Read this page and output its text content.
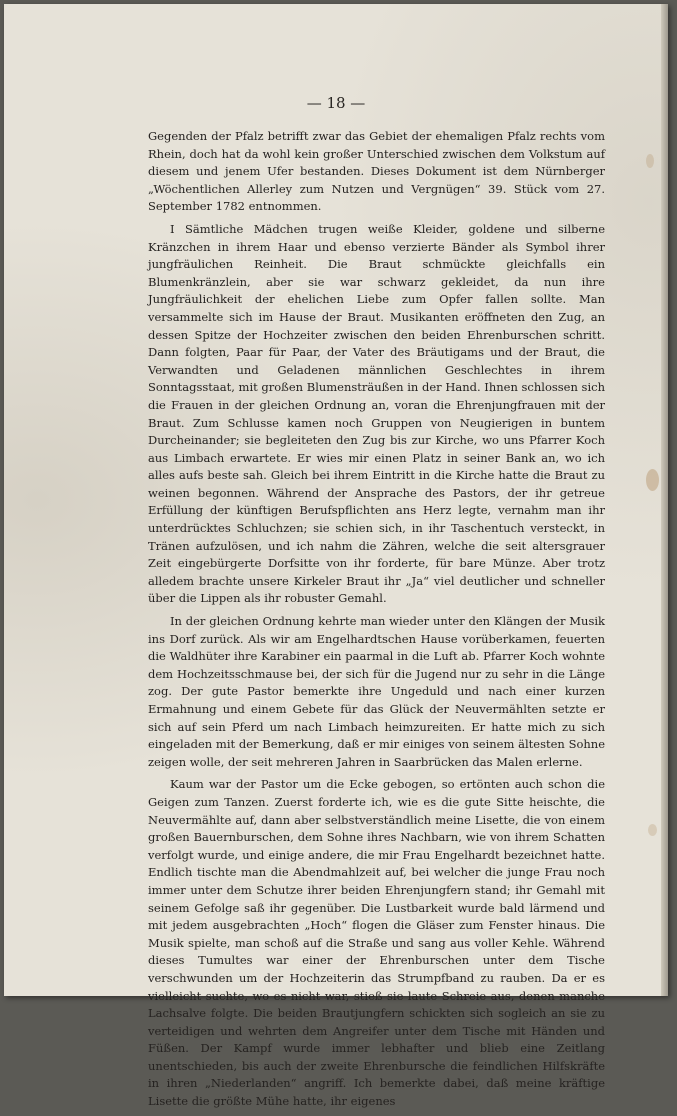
— 18 —

Gegenden der Pfalz betrifft zwar das Gebiet der ehemaligen Pfalz rechts vom Rhein, doch hat da wohl kein großer Unterschied zwischen dem Volkstum auf diesem und jenem Ufer bestanden. Dieses Dokument ist dem Nürnberger „Wöchentlichen Allerley zum Nutzen und Vergnügen“ 39. Stück vom 27. September 1782 entnommen.

I Sämtliche Mädchen trugen weiße Kleider, goldene und silberne Kränzchen in ihrem Haar und ebenso verzierte Bänder als Symbol ihrer jungfräulichen Reinheit. Die Braut schmückte gleichfalls ein Blumenkränzlein, aber sie war schwarz gekleidet, da nun ihre Jungfräulichkeit der ehelichen Liebe zum Opfer fallen sollte. Man versammelte sich im Hause der Braut. Musikanten eröffneten den Zug, an dessen Spitze der Hochzeiter zwischen den beiden Ehrenburschen schritt. Dann folgten, Paar für Paar, der Vater des Bräutigams und der Braut, die Verwandten und Geladenen männlichen Geschlechtes in ihrem Sonntagsstaat, mit großen Blumensträußen in der Hand. Ihnen schlossen sich die Frauen in der gleichen Ordnung an, voran die Ehrenjungfrauen mit der Braut. Zum Schlusse kamen noch Gruppen von Neugierigen in buntem Durcheinander; sie begleiteten den Zug bis zur Kirche, wo uns Pfarrer Koch aus Limbach erwartete. Er wies mir einen Platz in seiner Bank an, wo ich alles aufs beste sah. Gleich bei ihrem Eintritt in die Kirche hatte die Braut zu weinen begonnen. Während der Ansprache des Pastors, der ihr getreue Erfüllung der künftigen Berufspflichten ans Herz legte, vernahm man ihr unterdrücktes Schluchzen; sie schien sich, in ihr Taschentuch versteckt, in Tränen aufzulösen, und ich nahm die Zähren, welche die seit altersgrauer Zeit eingebürgerte Dorfsitte von ihr forderte, für bare Münze. Aber trotz alledem brachte unsere Kirkeler Braut ihr „Ja“ viel deutlicher und schneller über die Lippen als ihr robuster Gemahl.

In der gleichen Ordnung kehrte man wieder unter den Klängen der Musik ins Dorf zurück. Als wir am Engelhardtschen Hause vorüberkamen, feuerten die Waldhüter ihre Karabiner ein paarmal in die Luft ab. Pfarrer Koch wohnte dem Hochzeitsschmause bei, der sich für die Jugend nur zu sehr in die Länge zog. Der gute Pastor bemerkte ihre Ungeduld und nach einer kurzen Ermahnung und einem Gebete für das Glück der Neuvermählten setzte er sich auf sein Pferd um nach Limbach heimzureiten. Er hatte mich zu sich eingeladen mit der Bemerkung, daß er mir einiges von seinem ältesten Sohne zeigen wolle, der seit mehreren Jahren in Saarbrücken das Malen erlerne.

Kaum war der Pastor um die Ecke gebogen, so ertönten auch schon die Geigen zum Tanzen. Zuerst forderte ich, wie es die gute Sitte heischte, die Neuvermählte auf, dann aber selbstverständlich meine Lisette, die von einem großen Bauernburschen, dem Sohne ihres Nachbarn, wie von ihrem Schatten verfolgt wurde, und einige andere, die mir Frau Engelhardt bezeichnet hatte. Endlich tischte man die Abendmahlzeit auf, bei welcher die junge Frau noch immer unter dem Schutze ihrer beiden Ehrenjungfern stand; ihr Gemahl mit seinem Gefolge saß ihr gegenüber. Die Lustbarkeit wurde bald lärmend und mit jedem ausgebrachten „Hoch“ flogen die Gläser zum Fenster hinaus. Die Musik spielte, man schoß auf die Straße und sang aus voller Kehle. Während dieses Tumultes war einer der Ehrenburschen unter dem Tische verschwunden um der Hochzeiterin das Strumpfband zu rauben. Da er es vielleicht suchte, wo es nicht war, stieß sie laute Schreie aus, denen manche Lachsalve folgte. Die beiden Brautjungfern schickten sich sogleich an sie zu verteidigen und wehrten dem Angreifer unter dem Tische mit Händen und Füßen. Der Kampf wurde immer lebhafter und blieb eine Zeitlang unentschieden, bis auch der zweite Ehrenbursche die feindlichen Hilfskräfte in ihren „Niederlanden“ angriff. Ich bemerkte dabei, daß meine kräftige Lisette die größte Mühe hatte, ihr eigenes
